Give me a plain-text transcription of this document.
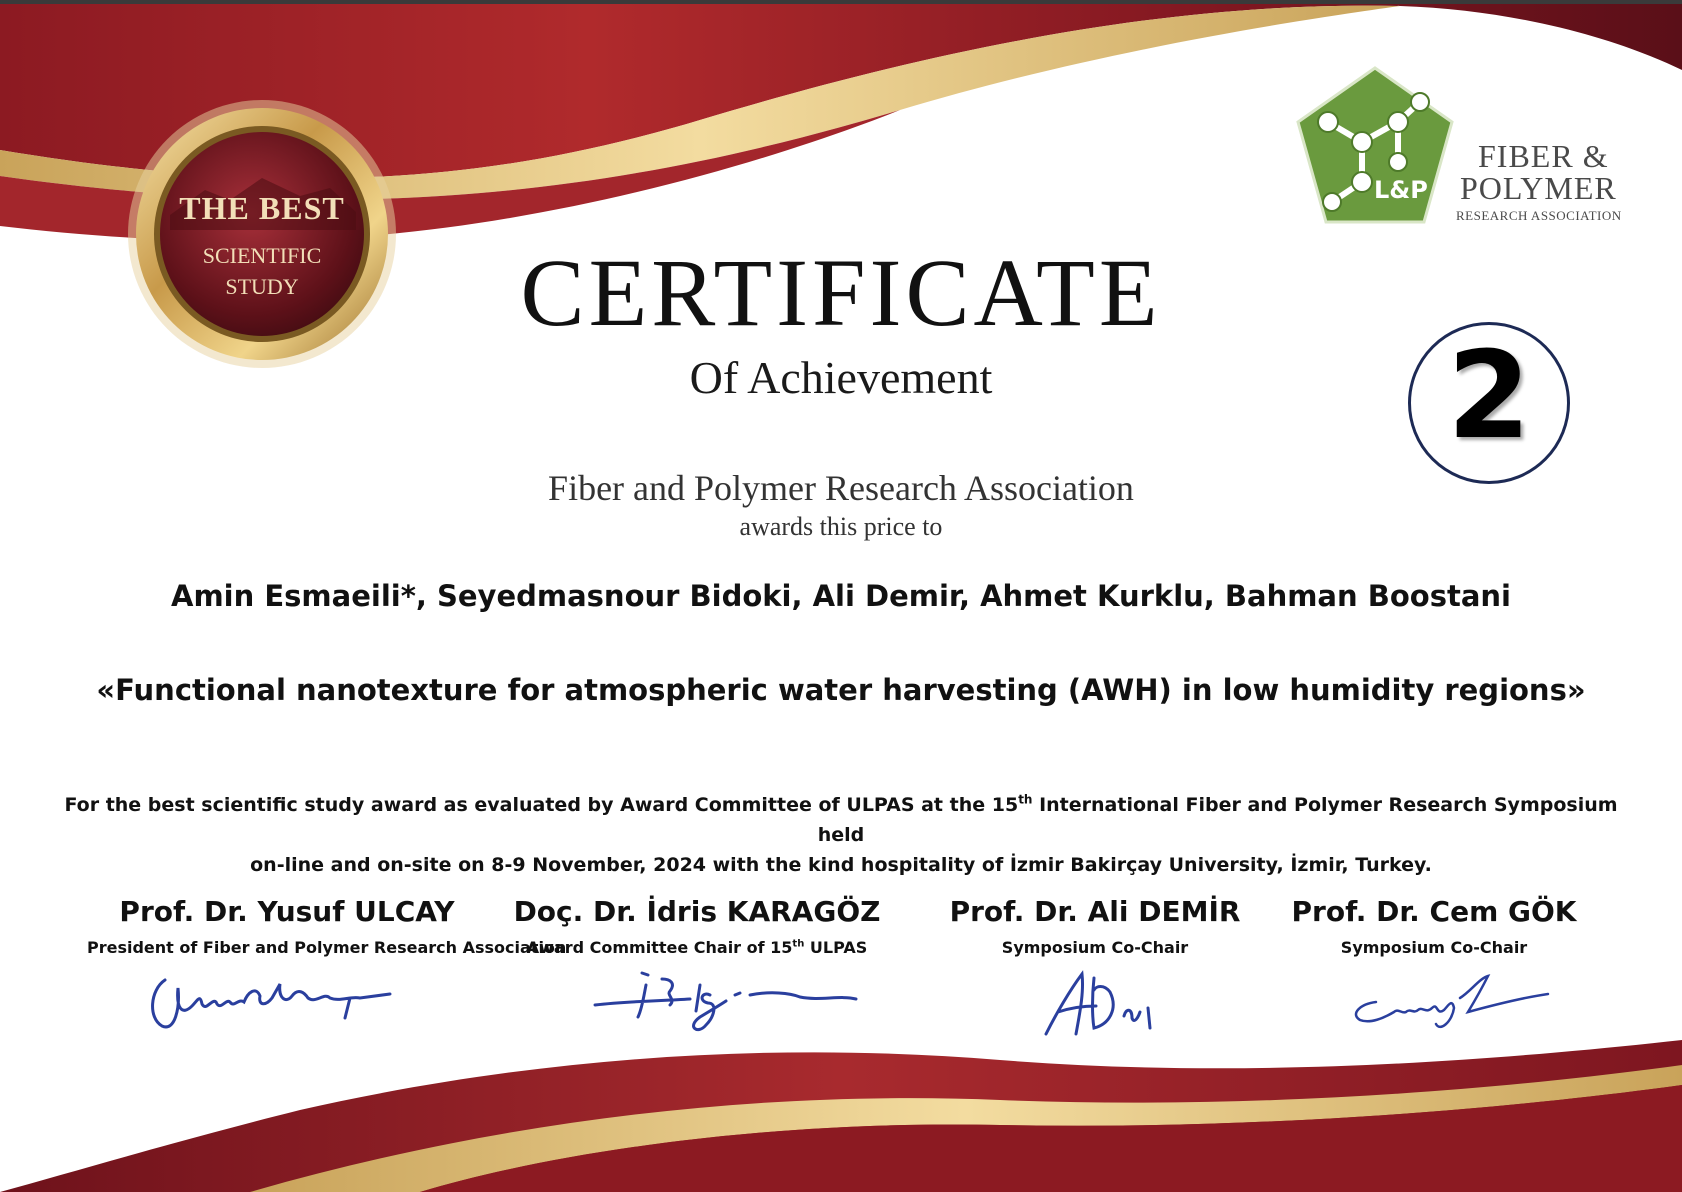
THE BEST
SCIENTIFIC
STUDY
L&P
FIBER &
POLYMER
RESEARCH ASSOCIATION
2
CERTIFICATE
Of Achievement
Fiber and Polymer Research Association
awards this price to
Amin Esmaeili*, Seyedmasnour Bidoki, Ali Demir, Ahmet Kurklu, Bahman Boostani
«Functional nanotexture for atmospheric water harvesting (AWH) in low humidity regions»
For the best scientific study award as evaluated by Award Committee of ULPAS at the 15th International Fiber and Polymer Research Symposium held
on-line and on-site on 8-9 November, 2024 with the kind hospitality of İzmir Bakirçay University, İzmir, Turkey.
Prof. Dr. Yusuf ULCAY
President of Fiber and Polymer Research Association
Doç. Dr. İdris KARAGÖZ
Award Committee Chair of 15th ULPAS
Prof. Dr. Ali DEMİR
Symposium Co-Chair
Prof. Dr. Cem GÖK
Symposium Co-Chair
